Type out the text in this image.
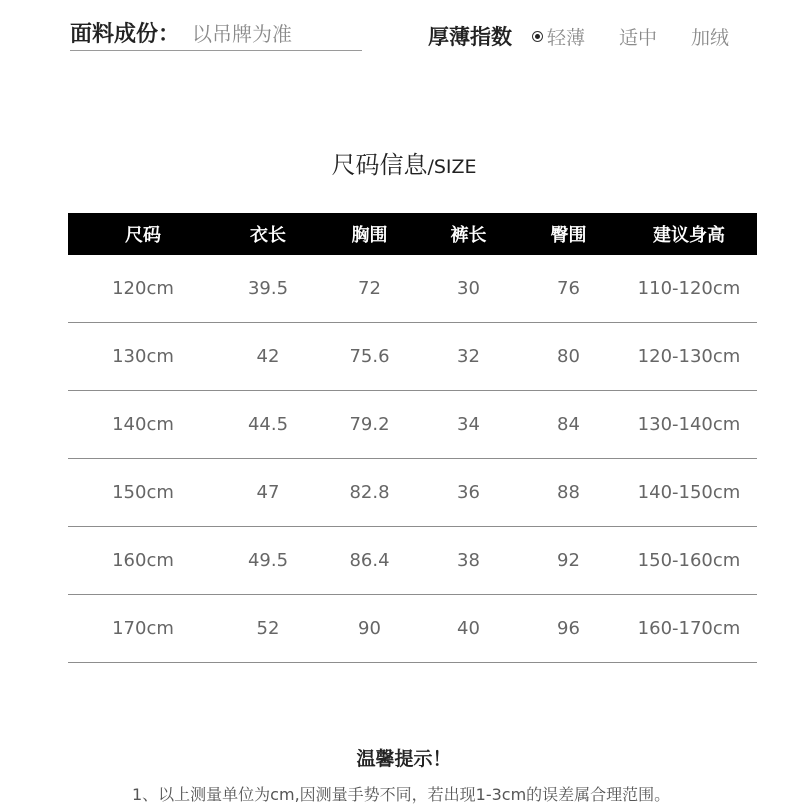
面料成份： 以吊牌为准	厚薄指数 轻薄 适中 加绒
尺码信息/SIZE
尺码	衣长	胸围	裤长	臀围	建议身高
120cm	39.5	72	30	76	110-120cm
130cm	42	75.6	32	80	120-130cm
140cm	44.5	79.2	34	84	130-140cm
150cm	47	82.8	36	88	140-150cm
160cm	49.5	86.4	38	92	150-160cm
170cm	52	90	40	96	160-170cm
温馨提示！
1、以上测量单位为cm,因测量手势不同，若出现1-3cm的误差属合理范围。
